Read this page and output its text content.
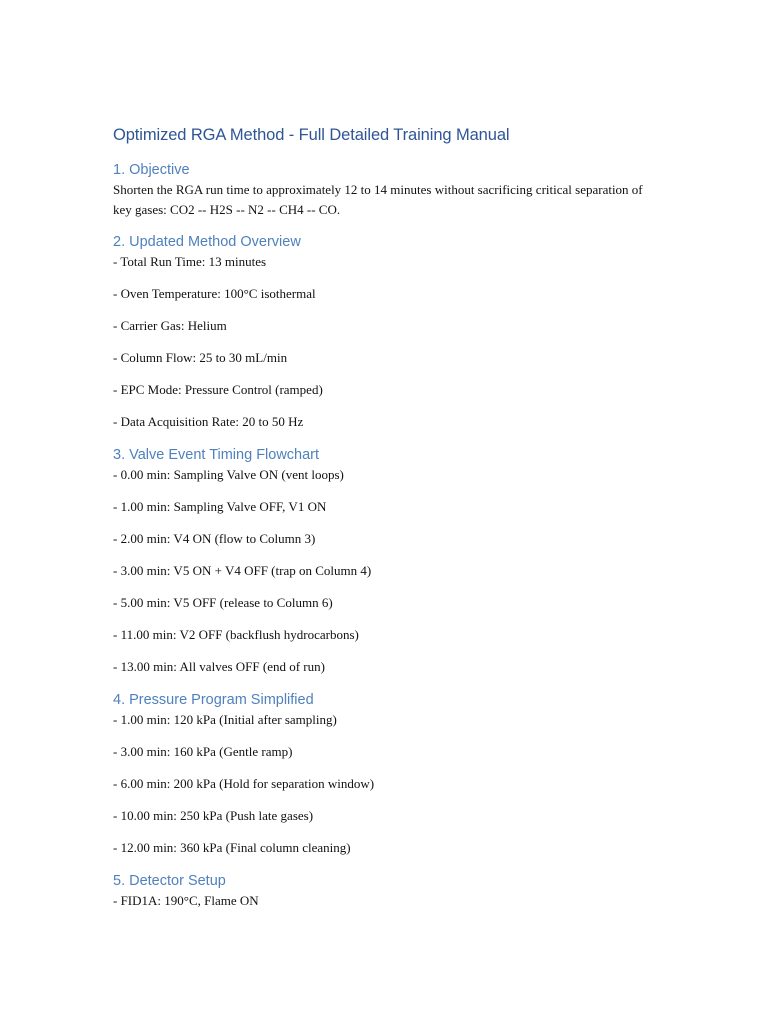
Optimized RGA Method - Full Detailed Training Manual
1. Objective

Shorten the RGA run time to approximately 12 to 14 minutes without sacrificing critical separation of key gases: CO2 -- H2S -- N2 -- CH4 -- CO.

2. Updated Method Overview
- Total Run Time: 13 minutes
- Oven Temperature: 100°C isothermal
- Carrier Gas: Helium
- Column Flow: 25 to 30 mL/min
- EPC Mode: Pressure Control (ramped)
- Data Acquisition Rate: 20 to 50 Hz
3. Valve Event Timing Flowchart
- 0.00 min: Sampling Valve ON (vent loops)
- 1.00 min: Sampling Valve OFF, V1 ON
- 2.00 min: V4 ON (flow to Column 3)
- 3.00 min: V5 ON + V4 OFF (trap on Column 4)
- 5.00 min: V5 OFF (release to Column 6)
- 11.00 min: V2 OFF (backflush hydrocarbons)
- 13.00 min: All valves OFF (end of run)
4. Pressure Program Simplified
- 1.00 min: 120 kPa (Initial after sampling)
- 3.00 min: 160 kPa (Gentle ramp)
- 6.00 min: 200 kPa (Hold for separation window)
- 10.00 min: 250 kPa (Push late gases)
- 12.00 min: 360 kPa (Final column cleaning)
5. Detector Setup
- FID1A: 190°C, Flame ON
